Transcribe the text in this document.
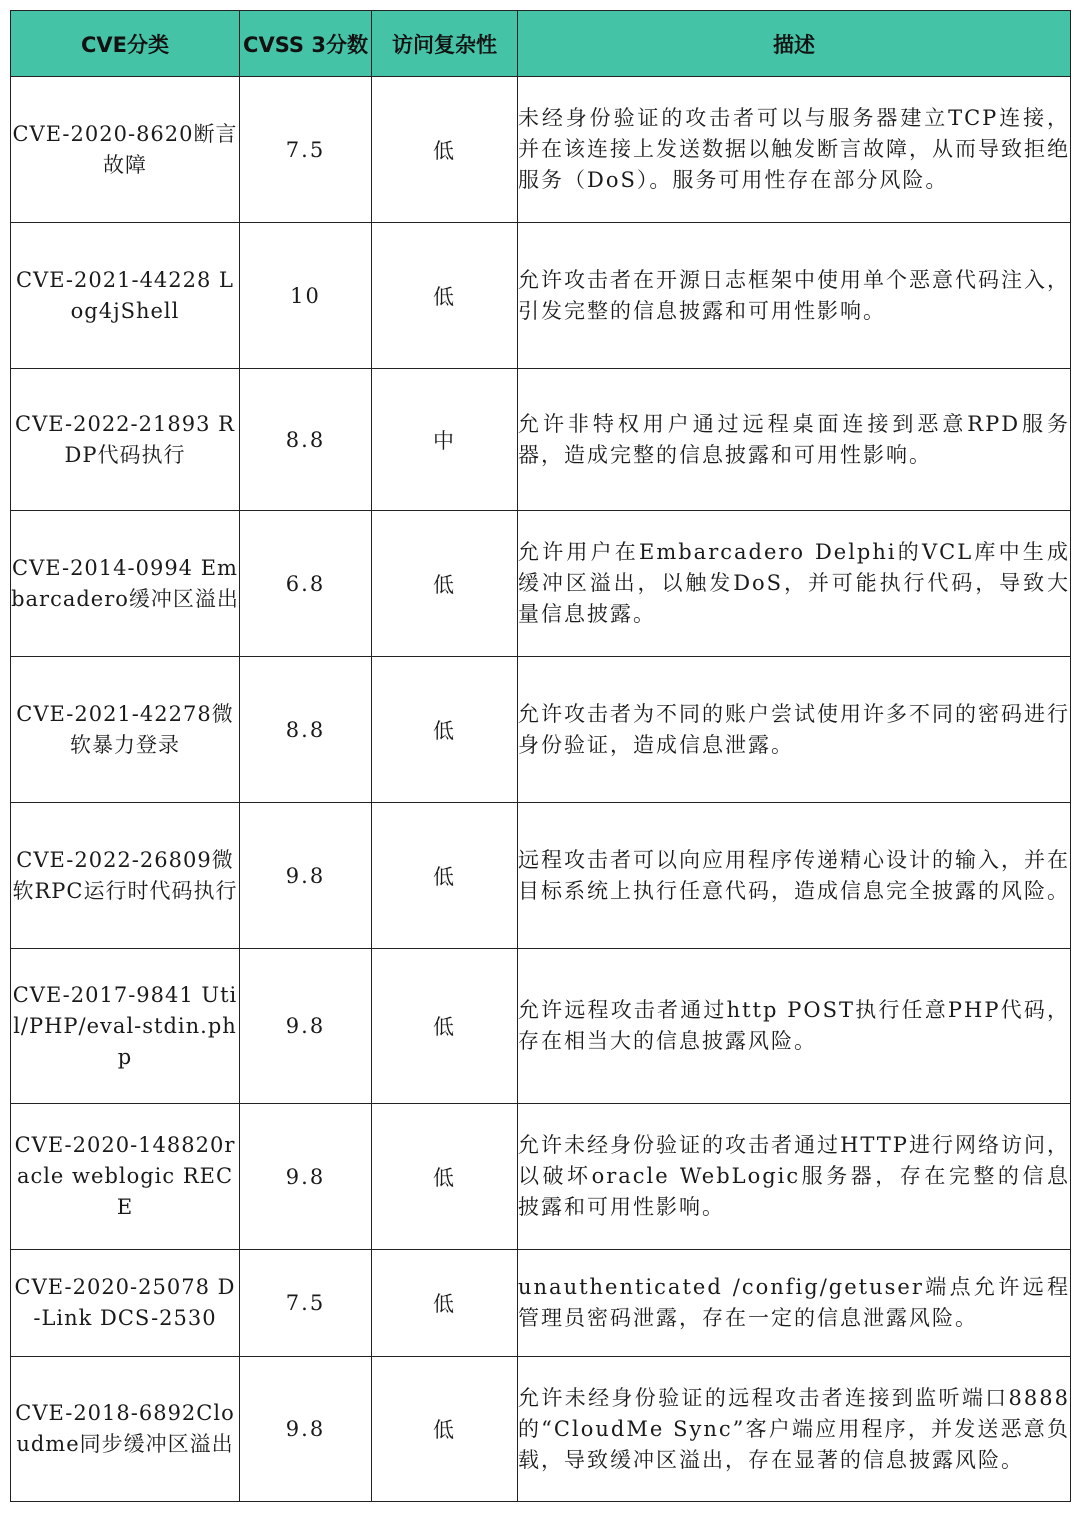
CVE分类	CVSS 3分数	访问复杂性	描述
CVE-2020-8620断言故障	7.5	低	未经身份验证的攻击者可以与服务器建立TCP连接，并在该连接上发送数据以触发断言故障，从而导致拒绝服务（DoS）。服务可用性存在部分风险。
CVE-2021-44228 Log4jShell	10	低	允许攻击者在开源日志框架中使用单个恶意代码注入，引发完整的信息披露和可用性影响。
CVE-2022-21893 RDP代码执行	8.8	中	允许非特权用户通过远程桌面连接到恶意RPD服务器，造成完整的信息披露和可用性影响。
CVE-2014-0994 Embarcadero缓冲区溢出	6.8	低	允许用户在Embarcadero Delphi的VCL库中生成缓冲区溢出，以触发DoS，并可能执行代码，导致大量信息披露。
CVE-2021-42278微软暴力登录	8.8	低	允许攻击者为不同的账户尝试使用许多不同的密码进行身份验证，造成信息泄露。
CVE-2022-26809微软RPC运行时代码执行	9.8	低	远程攻击者可以向应用程序传递精心设计的输入，并在目标系统上执行任意代码，造成信息完全披露的风险。
CVE-2017-9841 Util/PHP/eval-stdin.php	9.8	低	允许远程攻击者通过http POST执行任意PHP代码，存在相当大的信息披露风险。
CVE-2020-148820racle weblogic RECE	9.8	低	允许未经身份验证的攻击者通过HTTP进行网络访问，以破坏oracle WebLogic服务器，存在完整的信息披露和可用性影响。
CVE-2020-25078 D-Link DCS-2530	7.5	低	unauthenticated /config/getuser端点允许远程管理员密码泄露，存在一定的信息泄露风险。
CVE-2018-6892Cloudme同步缓冲区溢出	9.8	低	允许未经身份验证的远程攻击者连接到监听端口8888的“CloudMe Sync”客户端应用程序，并发送恶意负载，导致缓冲区溢出，存在显著的信息披露风险。
